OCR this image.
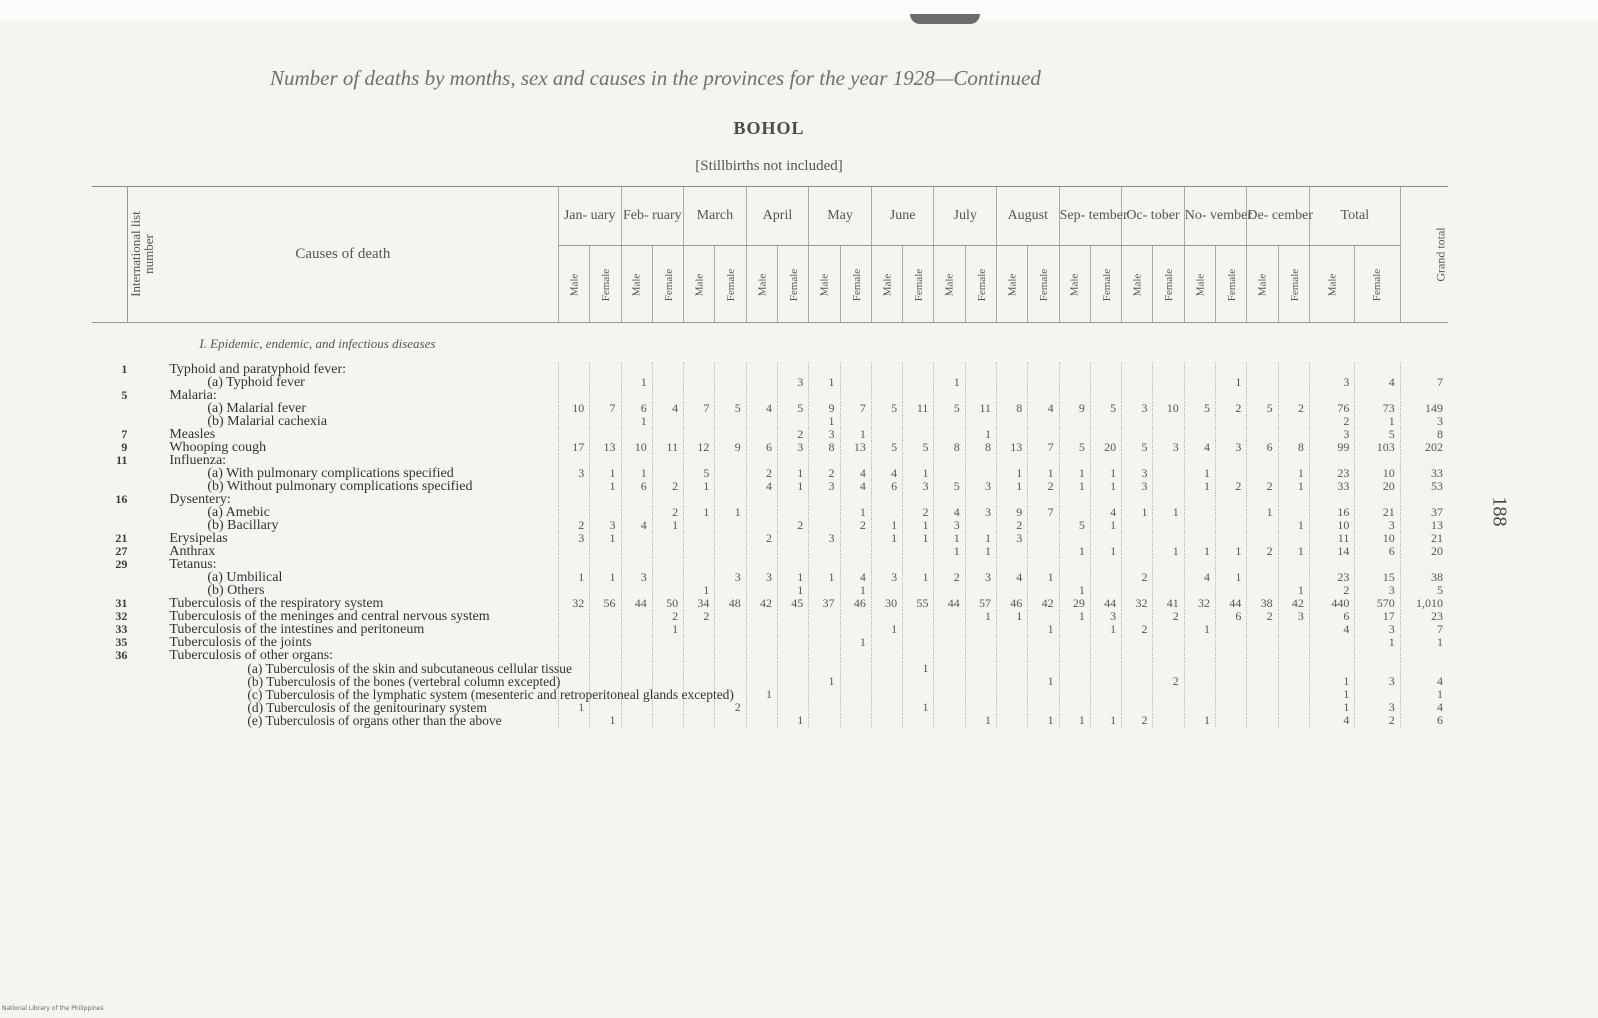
Number of deaths by months, sex and causes in the provinces for the year 1928—Continued
BOHOL
[Stillbirths not included]
188
National Library of the Philippines
International list number	Causes of death	Jan- uary		Feb- ruary		March		April		May		June		July		August		Sep- tember		Oc- tober		No- vember		De- cember		Total		Grand total
		Male	Female	Male	Female	Male	Female	Male	Female	Male	Female	Male	Female	Male	Female	Male	Female	Male	Female	Male	Female	Male	Female	Male	Female	Male	Female	
	I. Epidemic, endemic, and infectious diseases																											
1	Typhoid and paratyphoid fever:																											
	(a) Typhoid fever			1					3	1				1									1			3	4	7
5	Malaria:																											
	(a) Malarial fever	10	7	6	4	7	5	4	5	9	7	5	11	5	11	8	4	9	5	3	10	5	2	5	2	76	73	149
	(b) Malarial cachexia			1						1																2	1	3
7	Measles								2	3	1				1											3	5	8
9	Whooping cough	17	13	10	11	12	9	6	3	8	13	5	5	8	8	13	7	5	20	5	3	4	3	6	8	99	103	202
11	Influenza:																											
	(a) With pulmonary complications specified	3	1	1		5		2	1	2	4	4	1			1	1	1	1	3		1			1	23	10	33
	(b) Without pulmonary complications specified		1	6	2	1		4	1	3	4	6	3	5	3	1	2	1	1	3		1	2	2	1	33	20	53
16	Dysentery:																											
	(a) Amebic				2	1	1				1		2	4	3	9	7		4	1	1			1		16	21	37
	(b) Bacillary	2	3	4	1				2		2	1	1	3		2		5	1						1	10	3	13
21	Erysipelas	3	1					2		3		1	1	1	1	3										11	10	21
27	Anthrax													1	1			1	1		1	1	1	2	1	14	6	20
29	Tetanus:																											
	(a) Umbilical	1	1	3			3	3	1	1	4	3	1	2	3	4	1			2		4	1			23	15	38
	(b) Others					1			1		1							1							1	2	3	5
31	Tuberculosis of the respiratory system	32	56	44	50	34	48	42	45	37	46	30	55	44	57	46	42	29	44	32	41	32	44	38	42	440	570	1,010
32	Tuberculosis of the meninges and central nervous system				2	2									1	1		1	3		2		6	2	3	6	17	23
33	Tuberculosis of the intestines and peritoneum				1							1					1		1	2		1				4	3	7
35	Tuberculosis of the joints										1																1	1
36	Tuberculosis of other organs:																											
	(a) Tuberculosis of the skin and subcutaneous cellular tissue												1															
	(b) Tuberculosis of the bones (vertebral column excepted)									1							1				2					1	3	4
	(c) Tuberculosis of the lymphatic system (mesenteric and retroperitoneal glands excepted)							1																		1		1
	(d) Tuberculosis of the genitourinary system	1					2						1													1	3	4
	(e) Tuberculosis of organs other than the above		1						1						1		1	1	1	2		1				4	2	6
